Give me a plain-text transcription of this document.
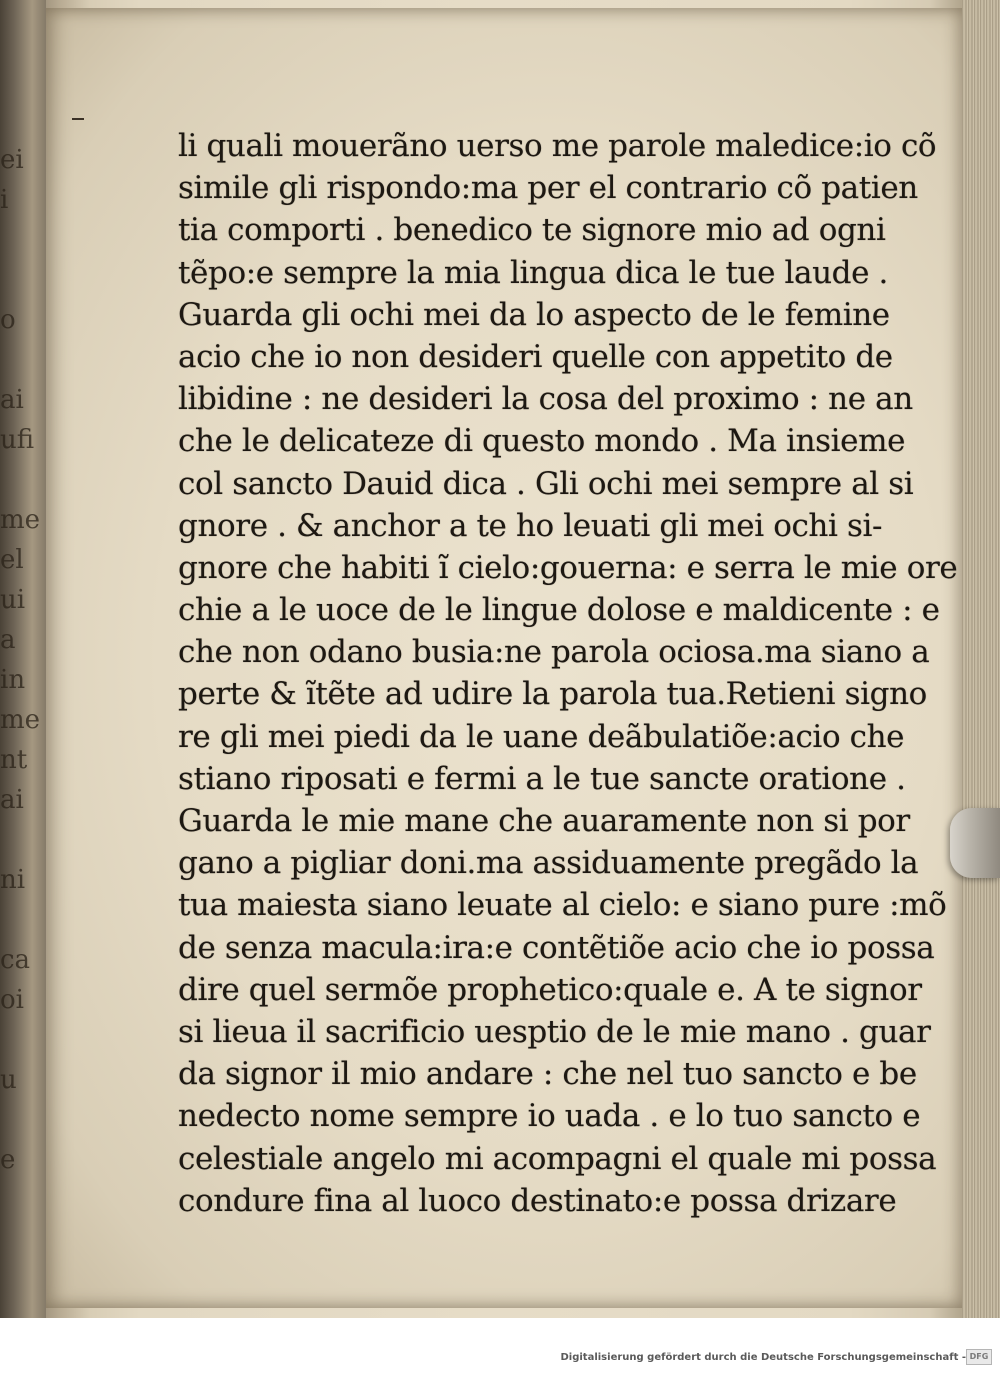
ei
i

o

ai
ufi

me
el
ui
a
in
me
nt
ai

ni

ca
oi

u

e
li quali mouerãno uerso me parole maledice:io cõ
simile gli rispondo:ma per el contrario cõ patien
tia comporti . benedico te signore mio ad ogni
tẽpo:e sempre la mia lingua dica le tue laude .
Guarda gli ochi mei da lo aspecto de le femine
acio che io non desideri quelle con appetito de
libidine : ne desideri la cosa del proximo : ne an
che le delicateze di questo mondo . Ma insieme
col sancto Dauid dica . Gli ochi mei sempre al si
gnore . & anchor a te ho leuati gli mei ochi si-
gnore che habiti ĩ cielo:gouerna: e serra le mie ore
chie a le uoce de le lingue dolose e maldicente : e
che non odano busia:ne parola ociosa.ma siano a
perte & ĩtẽte ad udire la parola tua.Retieni signo
re gli mei piedi da le uane deãbulatiõe:acio che
stiano riposati e fermi a le tue sancte oratione .
Guarda le mie mane che auaramente non si por
gano a pigliar doni.ma assiduamente pregãdo la
tua maiesta siano leuate al cielo: e siano pure :mõ
de senza macula:ira:e contẽtiõe acio che io possa
dire quel sermõe prophetico:quale e. A te signor
si lieua il sacrificio uesptio de le mie mano . guar
da signor il mio andare : che nel tuo sancto e be
nedecto nome sempre io uada . e lo tuo sancto e
celestiale angelo mi acompagni el quale mi possa
condure fina al luoco destinato:e possa drizare
Digitalisierung gefördert durch die Deutsche Forschungsgemeinschaft - DFG
